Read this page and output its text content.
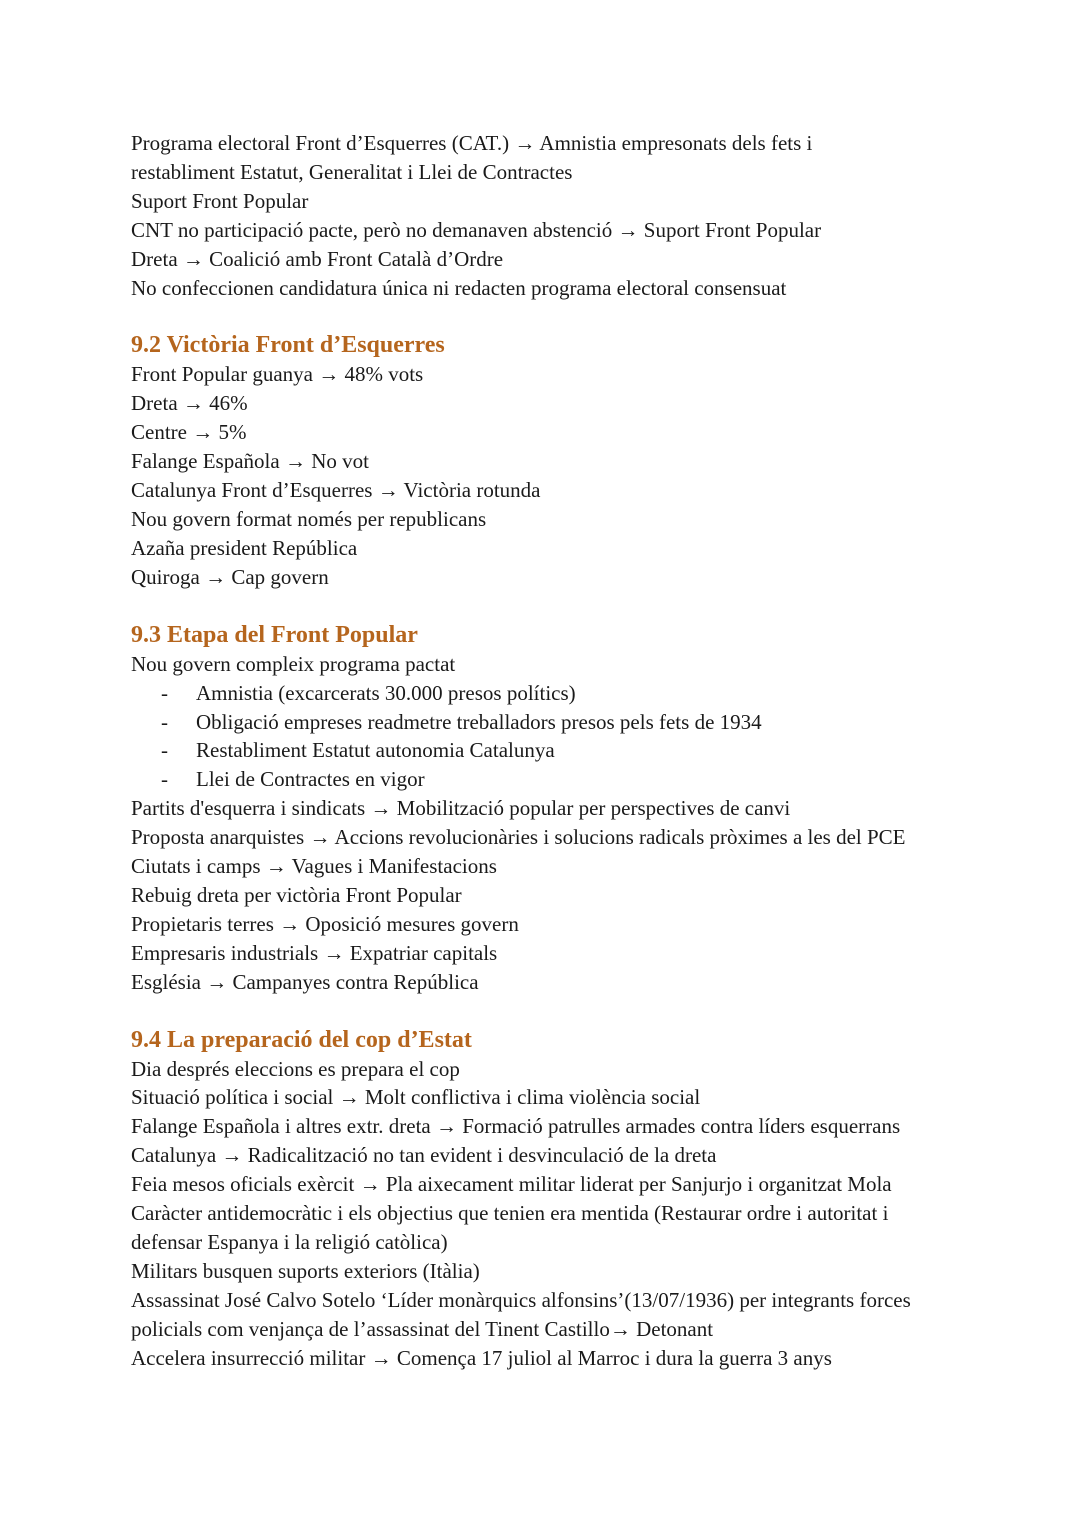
Programa electoral Front d’Esquerres (CAT.) → Amnistia empresonats dels fets i

restabliment Estatut, Generalitat i Llei de Contractes

Suport Front Popular

CNT no participació pacte, però no demanaven abstenció → Suport Front Popular

Dreta → Coalició amb Front Català d’Ordre

No confeccionen candidatura única ni redacten programa electoral consensuat

9.2 Victòria Front d’Esquerres

Front Popular guanya → 48% vots

Dreta → 46%

Centre → 5%

Falange Española → No vot

Catalunya Front d’Esquerres → Victòria rotunda

Nou govern format només per republicans

Azaña president República

Quiroga → Cap govern

9.3 Etapa del Front Popular

Nou govern compleix programa pactat

- Amnistia (excarcerats 30.000 presos polítics)
- Obligació empreses readmetre treballadors presos pels fets de 1934
- Restabliment Estatut autonomia Catalunya
- Llei de Contractes en vigor

Partits d'esquerra i sindicats → Mobilització popular per perspectives de canvi

Proposta anarquistes → Accions revolucionàries i solucions radicals pròximes a les del PCE

Ciutats i camps → Vagues i Manifestacions

Rebuig dreta per victòria Front Popular

Propietaris terres → Oposició mesures govern

Empresaris industrials → Expatriar capitals

Església → Campanyes contra República

9.4 La preparació del cop d’Estat

Dia després eleccions es prepara el cop

Situació política i social → Molt conflictiva i clima violència social

Falange Española i altres extr. dreta → Formació patrulles armades contra líders esquerrans

Catalunya → Radicalització no tan evident i desvinculació de la dreta

Feia mesos oficials exèrcit → Pla aixecament militar liderat per Sanjurjo i organitzat Mola

Caràcter antidemocràtic i els objectius que tenien era mentida (Restaurar ordre i autoritat i

defensar Espanya i la religió catòlica)

Militars busquen suports exteriors (Itàlia)

Assassinat José Calvo Sotelo ‘Líder monàrquics alfonsins’(13/07/1936) per integrants forces

policials com venjança de l’assassinat del Tinent Castillo→ Detonant

Accelera insurrecció militar → Comença 17 juliol al Marroc i dura la guerra 3 anys
